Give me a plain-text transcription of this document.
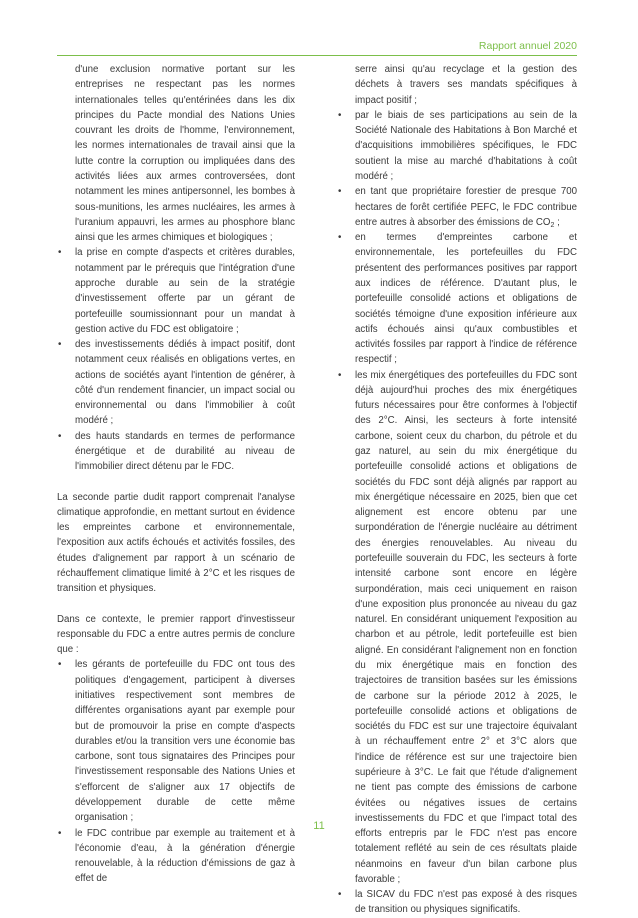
Rapport annuel 2020

d'une exclusion normative portant sur les entreprises ne respectant pas les normes internationales telles qu'entérinées dans les dix principes du Pacte mondial des Nations Unies couvrant les droits de l'homme, l'environnement, les normes internationales de travail ainsi que la lutte contre la corruption ou impliquées dans des activités liées aux armes controversées, dont notamment les mines antipersonnel, les bombes à sous-munitions, les armes nucléaires, les armes à l'uranium appauvri, les armes au phosphore blanc ainsi que les armes chimiques et biologiques ;

• la prise en compte d'aspects et critères durables, notamment par le prérequis que l'intégration d'une approche durable au sein de la stratégie d'investissement offerte par un gérant de portefeuille soumissionnant pour un mandat à gestion active du FDC est obligatoire ;
• des investissements dédiés à impact positif, dont notamment ceux réalisés en obligations vertes, en actions de sociétés ayant l'intention de générer, à côté d'un rendement financier, un impact social ou environnemental ou dans l'immobilier à coût modéré ;
• des hauts standards en termes de performance énergétique et de durabilité au niveau de l'immobilier direct détenu par le FDC.

La seconde partie dudit rapport comprenait l'analyse climatique approfondie, en mettant surtout en évidence les empreintes carbone et environnementale, l'exposition aux actifs échoués et activités fossiles, des études d'alignement par rapport à un scénario de réchauffement climatique limité à 2°C et les risques de transition et physiques.

Dans ce contexte, le premier rapport d'investisseur responsable du FDC a entre autres permis de conclure que :

• les gérants de portefeuille du FDC ont tous des politiques d'engagement, participent à diverses initiatives respectivement sont membres de différentes organisations ayant par exemple pour but de promouvoir la prise en compte d'aspects durables et/ou la transition vers une économie bas carbone, sont tous signataires des Principes pour l'investissement responsable des Nations Unies et s'efforcent de s'aligner aux 17 objectifs de développement durable de cette même organisation ;
• le FDC contribue par exemple au traitement et à l'économie d'eau, à la génération d'énergie renouvelable, à la réduction d'émissions de gaz à effet de

serre ainsi qu'au recyclage et la gestion des déchets à travers ses mandats spécifiques à impact positif ;

• par le biais de ses participations au sein de la Société Nationale des Habitations à Bon Marché et d'acquisitions immobilières spécifiques, le FDC soutient la mise au marché d'habitations à coût modéré ;
• en tant que propriétaire forestier de presque 700 hectares de forêt certifiée PEFC, le FDC contribue entre autres à absorber des émissions de $CO_2$ ;
• en termes d'empreintes carbone et environnementale, les portefeuilles du FDC présentent des performances positives par rapport aux indices de référence. D'autant plus, le portefeuille consolidé actions et obligations de sociétés témoigne d'une exposition inférieure aux actifs échoués ainsi qu'aux combustibles et activités fossiles par rapport à l'indice de référence respectif ;
• les mix énergétiques des portefeuilles du FDC sont déjà aujourd'hui proches des mix énergétiques futurs nécessaires pour être conformes à l'objectif des 2°C. Ainsi, les secteurs à forte intensité carbone, soient ceux du charbon, du pétrole et du gaz naturel, au sein du mix énergétique du portefeuille consolidé actions et obligations de sociétés du FDC sont déjà alignés par rapport au mix énergétique nécessaire en 2025, bien que cet alignement est encore obtenu par une surpondération de l'énergie nucléaire au détriment des énergies renouvelables. Au niveau du portefeuille souverain du FDC, les secteurs à forte intensité carbone sont encore en légère surpondération, mais ceci uniquement en raison d'une exposition plus prononcée au niveau du gaz naturel. En considérant uniquement l'exposition au charbon et au pétrole, ledit portefeuille est bien aligné. En considérant l'alignement non en fonction du mix énergétique mais en fonction des trajectoires de transition basées sur les émissions de carbone sur la période 2012 à 2025, le portefeuille consolidé actions et obligations de sociétés du FDC est sur une trajectoire équivalant à un réchauffement entre 2° et 3°C alors que l'indice de référence est sur une trajectoire bien supérieure à 3°C. Le fait que l'étude d'alignement ne tient pas compte des émissions de carbone évitées ou négatives issues de certains investissements du FDC et que l'impact total des efforts entrepris par le FDC n'est pas encore totalement reflété au sein de ces résultats plaide néanmoins en faveur d'un bilan carbone plus favorable ;
• la SICAV du FDC n'est pas exposé à des risques de transition ou physiques significatifs.
11
